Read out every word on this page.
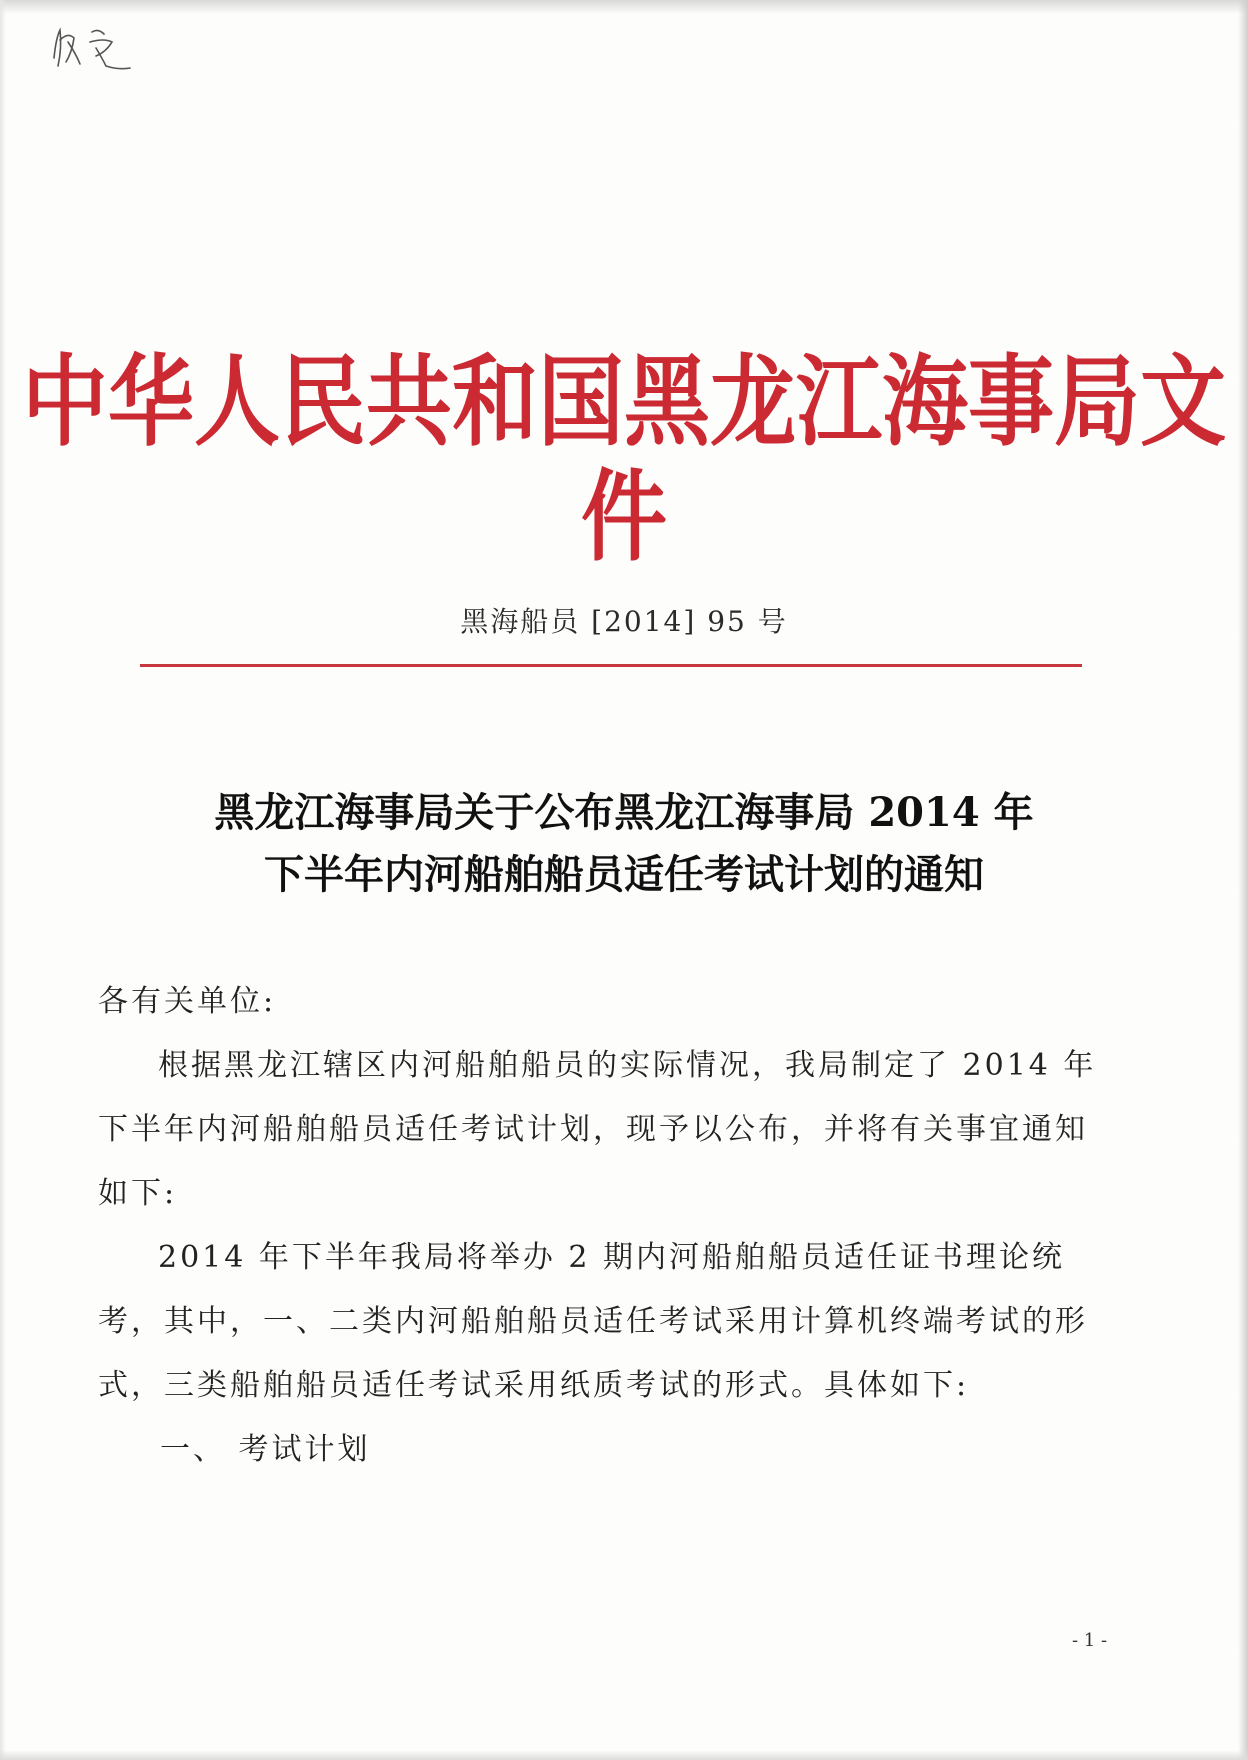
中华人民共和国黑龙江海事局文件
黑海船员 [2014] 95 号
黑龙江海事局关于公布黑龙江海事局 2014 年
下半年内河船舶船员适任考试计划的通知

各有关单位:

根据黑龙江辖区内河船舶船员的实际情况，我局制定了 2014 年下半年内河船舶船员适任考试计划，现予以公布，并将有关事宜通知如下:

2014 年下半年我局将举办 2 期内河船舶船员适任证书理论统考，其中，一、二类内河船舶船员适任考试采用计算机终端考试的形式，三类船舶船员适任考试采用纸质考试的形式。具体如下:

一、 考试计划

- 1 -
